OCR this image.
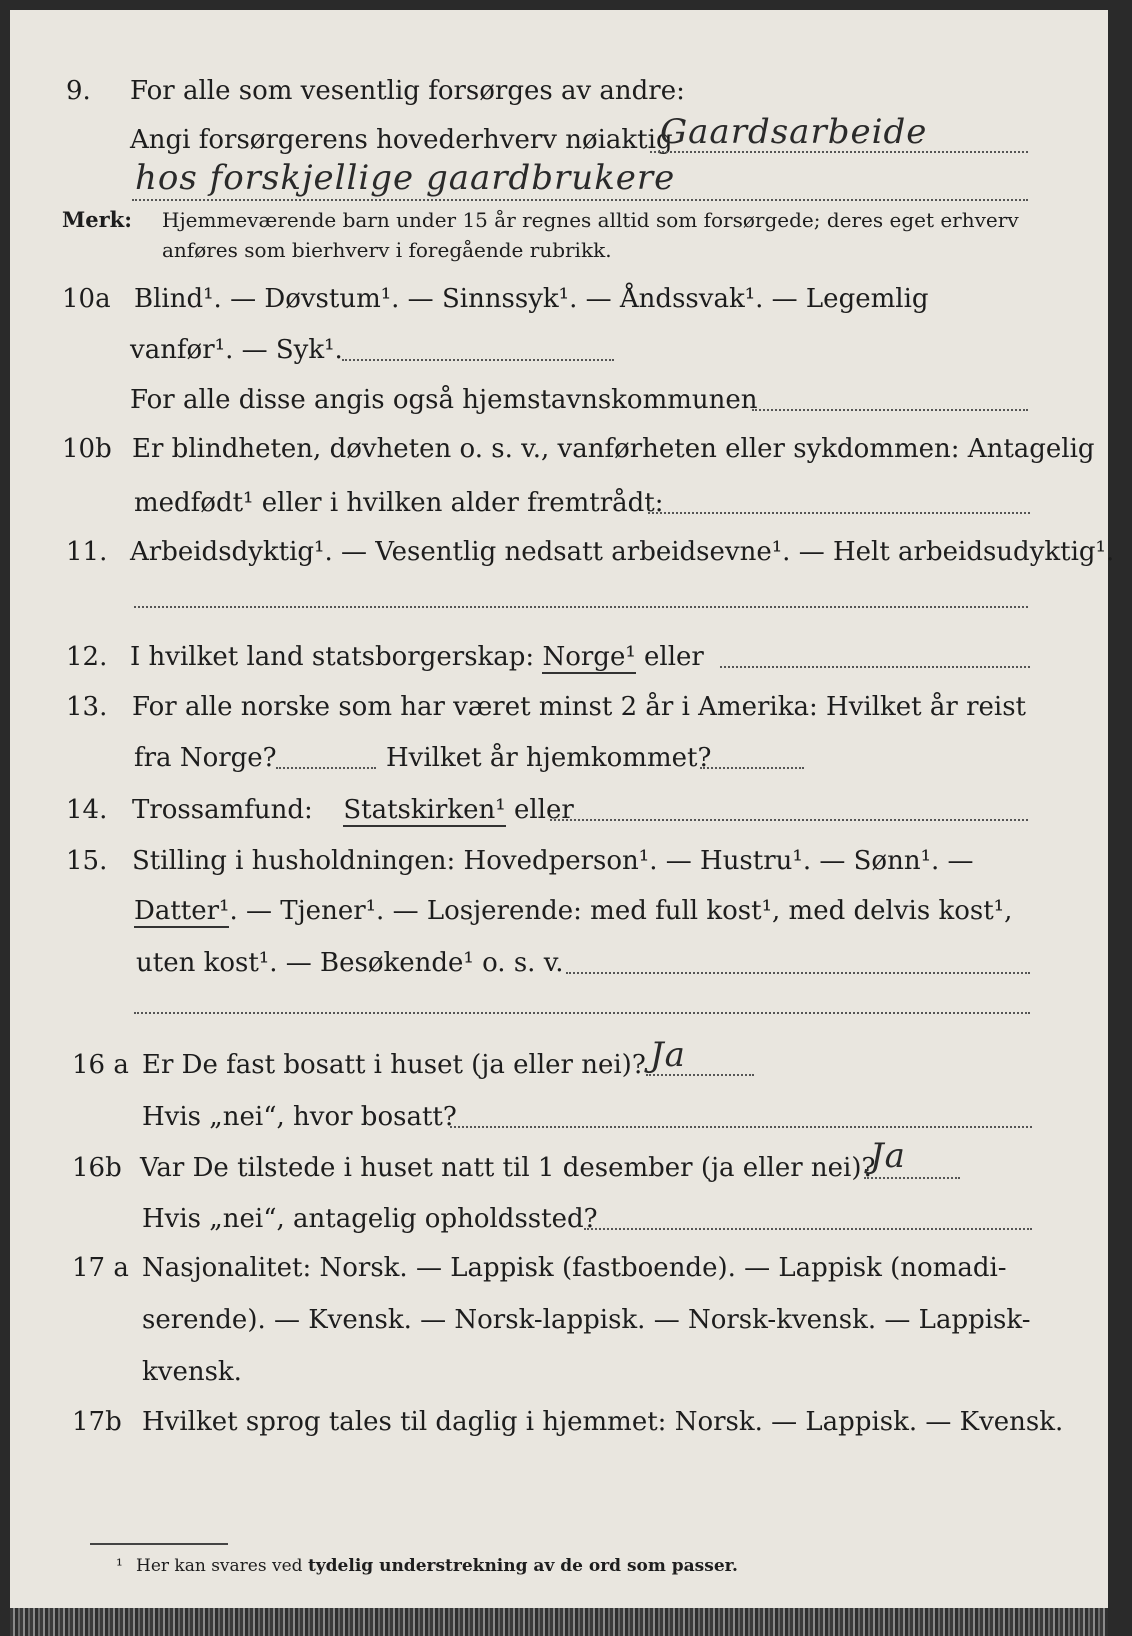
9. For alle som vesentlig forsørges av andre:
Angi forsørgerens hovederhverv nøiaktig
Gaardsarbeide
hos forskjellige gaardbrukere
Merk: Hjemmeværende barn under 15 år regnes alltid som forsørgede; deres eget erhverv
anføres som bierhverv i foregående rubrikk.
10a Blind¹. — Døvstum¹. — Sinnssyk¹. — Åndssvak¹. — Legemlig
vanfør¹. — Syk¹.
For alle disse angis også hjemstavnskommunen
10b Er blindheten, døvheten o. s. v., vanførheten eller sykdommen: Antagelig
medfødt¹ eller i hvilken alder fremtrådt:
11. Arbeidsdyktig¹. — Vesentlig nedsatt arbeidsevne¹. — Helt arbeidsudyktig¹.
12. I hvilket land statsborgerskap: Norge¹ eller
13. For alle norske som har været minst 2 år i Amerika: Hvilket år reist
fra Norge?	Hvilket år hjemkommet?
14. Trossamfund: Statskirken¹ eller
15. Stilling i husholdningen: Hovedperson¹. — Hustru¹. — Sønn¹. —
Datter¹. — Tjener¹. — Losjerende: med full kost¹, med delvis kost¹,
uten kost¹. — Besøkende¹ o. s. v.
16 a Er De fast bosatt i huset (ja eller nei)? Ja
Hvis „nei“, hvor bosatt?
16b Var De tilstede i huset natt til 1 desember (ja eller nei)?
Ja
Hvis „nei“, antagelig opholdssted?
17 a Nasjonalitet: Norsk. — Lappisk (fastboende). — Lappisk (nomadi-
serende). — Kvensk. — Norsk-lappisk. — Norsk-kvensk. — Lappisk-
kvensk.
17b Hvilket sprog tales til daglig i hjemmet: Norsk. — Lappisk. — Kvensk.
¹ Her kan svares ved tydelig understrekning av de ord som passer.
